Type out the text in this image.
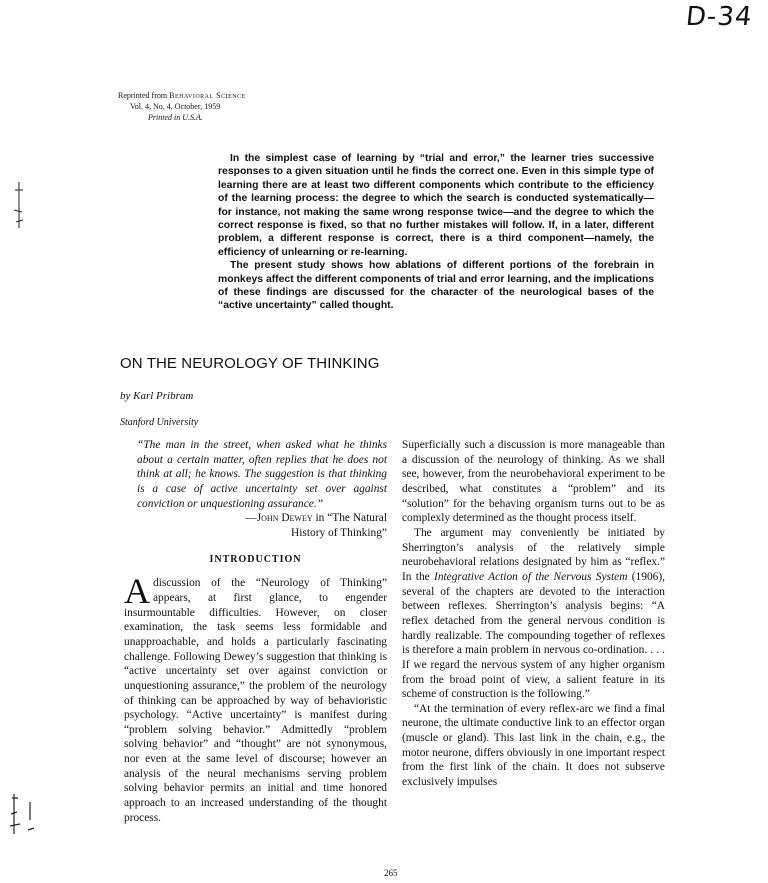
D-34
Reprinted from Behavioral Science
Vol. 4, No. 4, October, 1959
Printed in U.S.A.

In the simplest case of learning by “trial and error,” the learner tries successive responses to a given situation until he finds the correct one. Even in this simple type of learning there are at least two different components which contribute to the efficiency of the learning process: the degree to which the search is conducted systematically—for instance, not making the same wrong response twice—and the degree to which the correct response is fixed, so that no further mistakes will follow. If, in a later, different problem, a different response is correct, there is a third component—namely, the efficiency of unlearning or re-learning.

The present study shows how ablations of different portions of the forebrain in monkeys affect the different components of trial and error learning, and the implications of these findings are discussed for the character of the neurological bases of the “active uncertainty” called thought.

ON THE NEUROLOGY OF THINKING
by Karl Pribram
Stanford University

“The man in the street, when asked what he thinks about a certain matter, often replies that he does not think at all; he knows. The suggestion is that thinking is a case of active uncertainty set over against conviction or unquestioning assurance.”

—John Dewey in “The Natural

History of Thinking”

INTRODUCTION

Adiscussion of the “Neurology of Thinking” appears, at first glance, to engender insurmountable difficulties. However, on closer examination, the task seems less formidable and unapproachable, and holds a particularly fascinating challenge. Following Dewey’s suggestion that thinking is “active uncertainty set over against conviction or unquestioning assurance,” the problem of the neurology of thinking can be approached by way of behavioristic psychology. “Active uncertainty” is manifest during “problem solving behavior.” Admittedly “problem solving behavior” and “thought” are not synonymous, nor even at the same level of discourse; however an analysis of the neural mechanisms serving problem solving behavior permits an initial and time honored approach to an increased understanding of the thought process.

Superficially such a discussion is more manageable than a discussion of the neurology of thinking. As we shall see, however, from the neurobehavioral experiment to be described, what constitutes a “problem” and its “solution” for the behaving organism turns out to be as complexly determined as the thought process itself.

The argument may conveniently be initiated by Sherrington’s analysis of the relatively simple neurobehavioral relations designated by him as “reflex.” In the Integrative Action of the Nervous System (1906), several of the chapters are devoted to the interaction between reflexes. Sherrington’s analysis begins: “A reflex detached from the general nervous condition is hardly realizable. The compounding together of reflexes is therefore a main problem in nervous co-ordination. . . . If we regard the nervous system of any higher organism from the broad point of view, a salient feature in its scheme of construction is the following.”

“At the termination of every reflex-arc we find a final neurone, the ultimate conductive link to an effector organ (muscle or gland). This last link in the chain, e.g., the motor neurone, differs obviously in one important respect from the first link of the chain. It does not subserve exclusively impulses

265
